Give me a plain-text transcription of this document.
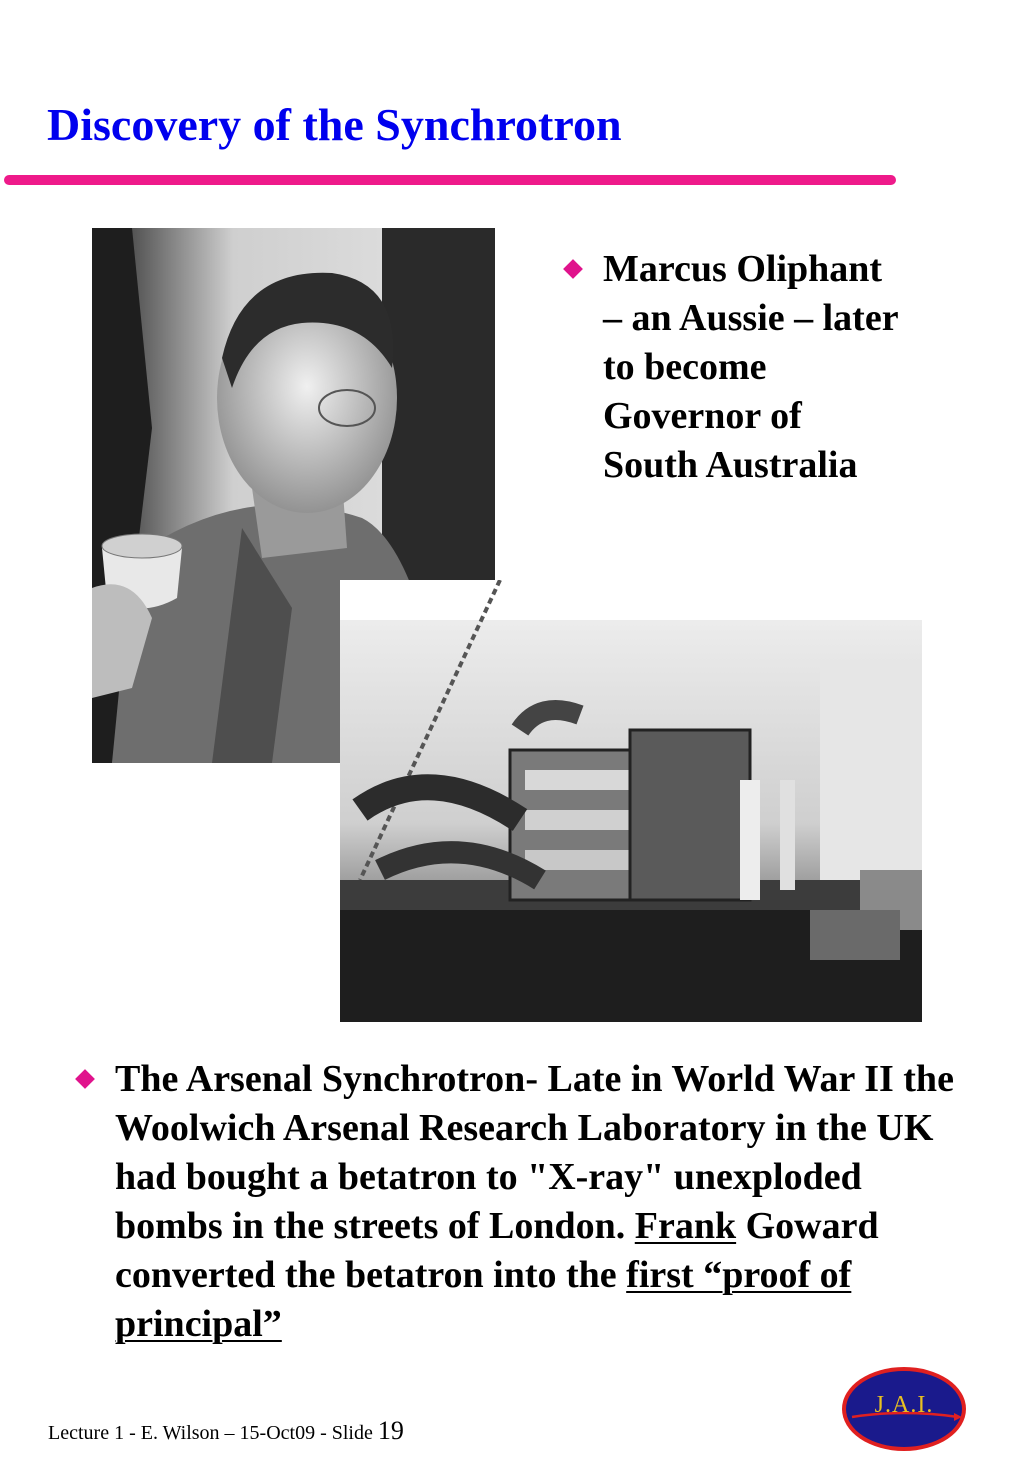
Discovery of the Synchrotron
Marcus Oliphant – an Aussie – later to become Governor of South Australia
The Arsenal Synchrotron- Late in World War II the Woolwich Arsenal Research Laboratory in the UK had bought a betatron to "X-ray" unexploded bombs in the streets of London. Frank Goward converted the betatron into the first “proof of principal”
Lecture 1 - E. Wilson – 15-Oct09 - Slide 19
J.A.I.
